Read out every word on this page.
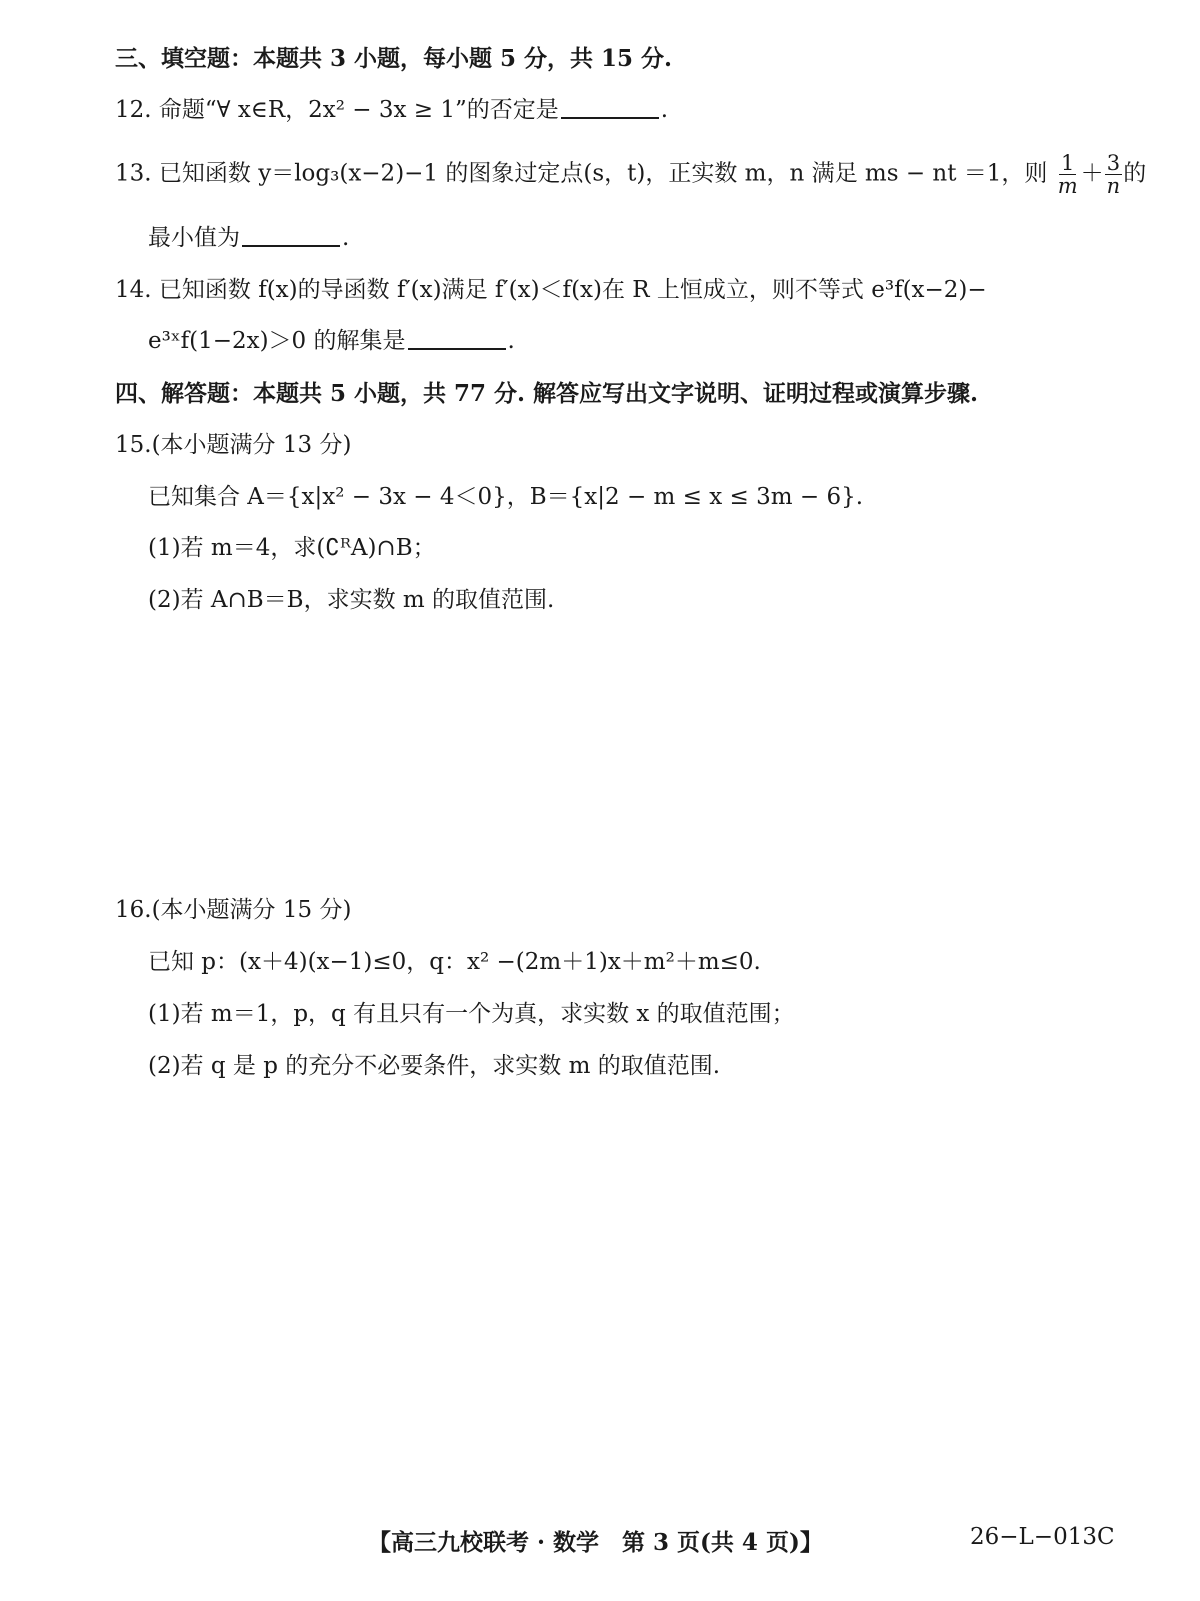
三、填空题：本题共 3 小题，每小题 5 分，共 15 分.
12. 命题“∀ x∈R，2x² − 3x ≥ 1”的否定是	.
13. 已知函数 y＝log₃(x−2)−1 的图象过定点(s，t)，正实数 m，n 满足 ms − nt ＝1，则 $\frac{1}{m} + \frac{3}{n}$ 的
最小值为	.
14. 已知函数 f(x)的导函数 f′(x)满足 f′(x)＜f(x)在 R 上恒成立，则不等式 e³f(x−2)−
e³ˣf(1−2x)＞0 的解集是	.
四、解答题：本题共 5 小题，共 77 分. 解答应写出文字说明、证明过程或演算步骤.
15.(本小题满分 13 分)
已知集合 A＝{x|x² − 3x − 4＜0}，B＝{x|2 − m ≤ x ≤ 3m − 6}.
(1)若 m＝4，求(∁ᴿA)∩B；
(2)若 A∩B＝B，求实数 m 的取值范围.
16.(本小题满分 15 分)
已知 p：(x＋4)(x−1)≤0，q：x² −(2m＋1)x＋m²＋m≤0.
(1)若 m＝1，p，q 有且只有一个为真，求实数 x 的取值范围；
(2)若 q 是 p 的充分不必要条件，求实数 m 的取值范围.
【高三九校联考 · 数学　第 3 页(共 4 页)】	26−L−013C
